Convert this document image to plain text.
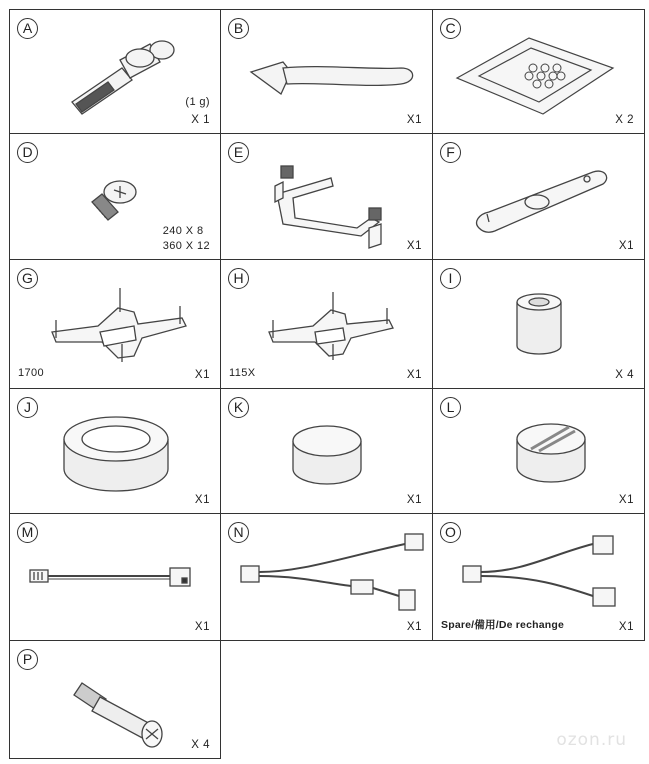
A
(1 g)
X 1
B
X1
C
X 2
D
240 X 8
360 X 12
E
X1
F
X1
G
1700	X1
H
115X	X1
I
X 4
J
X1
K
X1
L
X1
M
X1
N
X1
O
Spare/備用/De rechange	X1
P
X 4	ozon.ru
